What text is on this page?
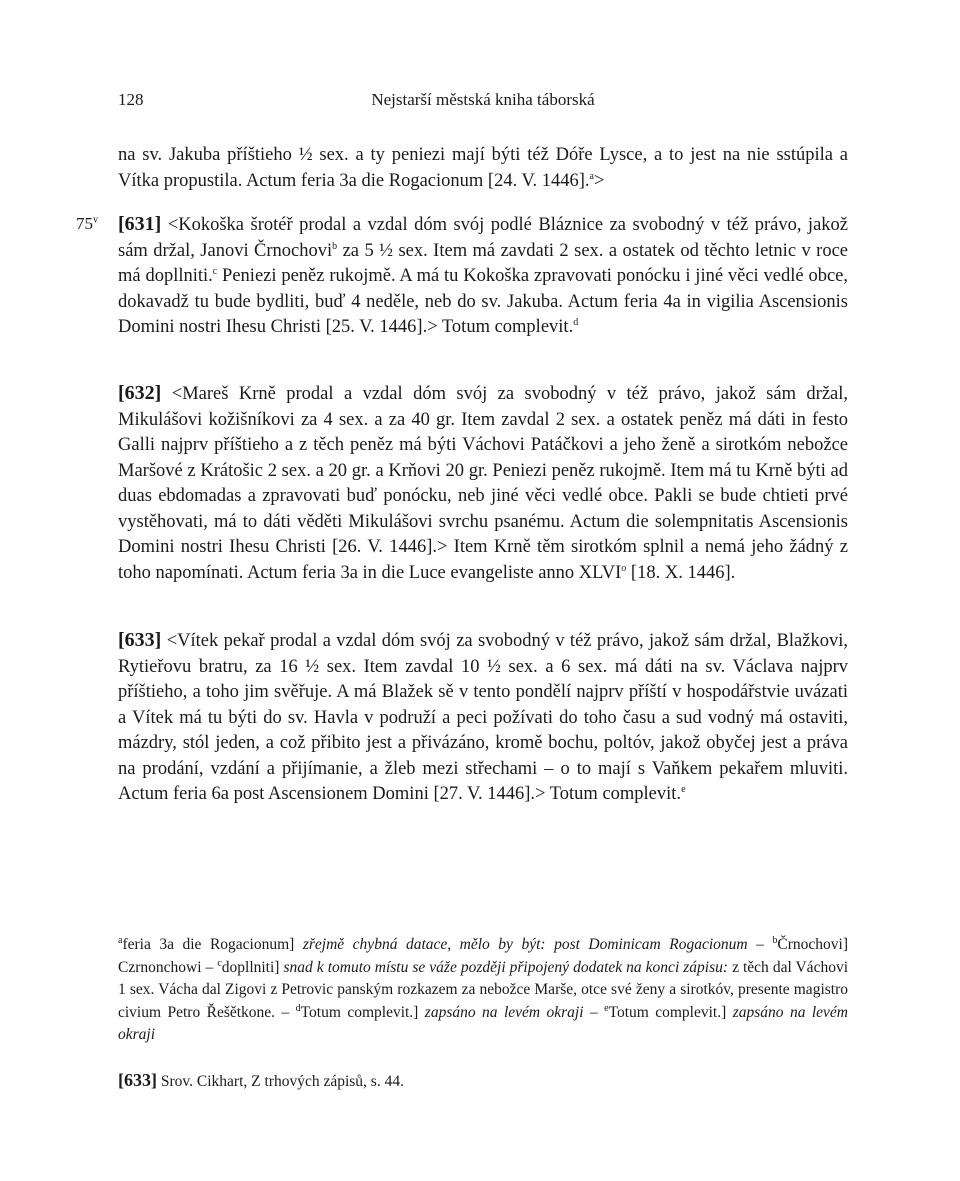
128	Nejstarší městská kniha táborská
na sv. Jakuba příštieho ½ sex. a ty peniezi mají býti též Dóře Lysce, a to jest na nie sstúpila a Vítka propustila. Actum feria 3a die Rogacionum [24. V. 1446].$^a$>
$75^v$ [631] <Kokoška šrotéř prodal a vzdal dóm svój podlé Bláznice za svobodný v též právo, jakož sám držal, Janovi Črnochovi$^b$ za 5 ½ sex. Item má zavdati 2 sex. a ostatek od těchto letnic v roce má dopllniti.$^c$ Peniezi peněz rukojmě. A má tu Kokoška zpravovati ponócku i jiné věci vedlé obce, dokavadž tu bude bydliti, buď 4 neděle, neb do sv. Jakuba. Actum feria 4a in vigilia Ascensionis Domini nostri Ihesu Christi [25. V. 1446].> Totum complevit.$^d$
[632] <Mareš Krně prodal a vzdal dóm svój za svobodný v též právo, jakož sám držal, Mikulášovi kožišníkovi za 4 sex. a za 40 gr. Item zavdal 2 sex. a ostatek peněz má dáti in festo Galli najprv příštieho a z těch peněz má býti Váchovi Patáčkovi a jeho ženě a sirotkóm nebožce Maršové z Krátošic 2 sex. a 20 gr. a Krňovi 20 gr. Peniezi peněz rukojmě. Item má tu Krně býti ad duas ebdomadas a zpravovati buď ponócku, neb jiné věci vedlé obce. Pakli se bude chtieti prvé vystěhovati, má to dáti věděti Mikulášovi svrchu psanému. Actum die solempnitatis Ascensionis Domini nostri Ihesu Christi [26. V. 1446].> Item Krně těm sirotkóm splnil a nemá jeho žádný z toho napomínati. Actum feria 3a in die Luce evangeliste anno XLVI$^o$ [18. X. 1446].
[633] <Vítek pekař prodal a vzdal dóm svój za svobodný v též právo, jakož sám držal, Blažkovi, Rytieřovu bratru, za 16 ½ sex. Item zavdal 10 ½ sex. a 6 sex. má dáti na sv. Václava najprv příštieho, a toho jim svěřuje. A má Blažek sě v tento pondělí najprv příští v hospodářstvie uvázati a Vítek má tu býti do sv. Havla v podruží a peci požívati do toho času a sud vodný má ostaviti, mázdry, stól jeden, a což přibito jest a přivázáno, kromě bochu, poltóv, jakož obyčej jest a práva na prodání, vzdání a přijímanie, a žleb mezi střechami – o to mají s Vaňkem pekařem mluviti. Actum feria 6a post Ascensionem Domini [27. V. 1446].> Totum complevit.$^e$
$^a$feria 3a die Rogacionum] zřejmě chybná datace, mělo by být: post Dominicam Rogacionum – $^b$Črnochovi] Czrnonchowi – $^c$dopllniti] snad k tomuto místu se váže později připojený dodatek na konci zápisu: z těch dal Váchovi 1 sex. Vácha dal Zigovi z Petrovic panským rozkazem za nebožce Marše, otce své ženy a sirotkóv, presente magistro civium Petro Řešětkone. – $^d$Totum complevit.] zapsáno na levém okraji – $^e$Totum complevit.] zapsáno na levém okraji
[633] Srov. Cikhart, Z trhových zápisů, s. 44.
